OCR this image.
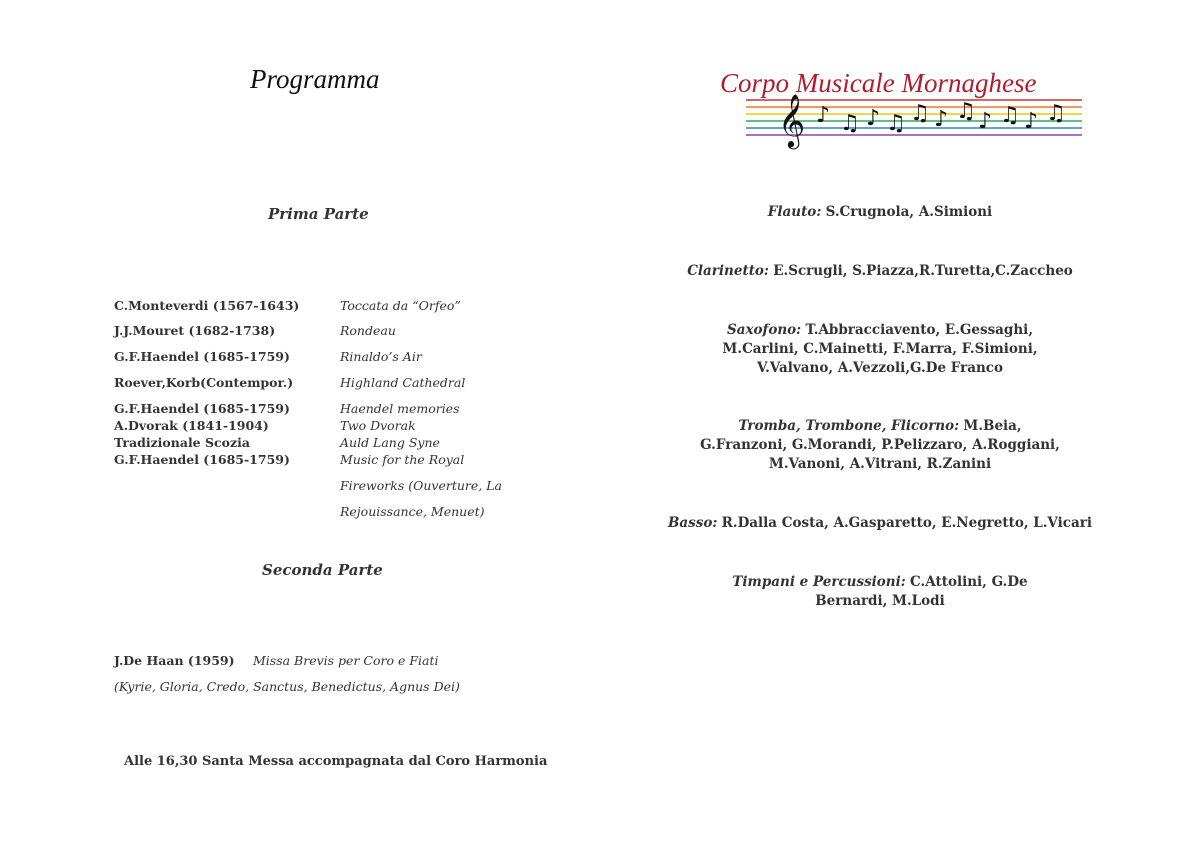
Programma
Prima Parte
C.Monteverdi (1567-1643)
J.J.Mouret (1682-1738)
G.F.Haendel (1685-1759)
Roever,Korb(Contempor.)
G.F.Haendel (1685-1759)
A.Dvorak (1841-1904)
Tradizionale Scozia
G.F.Haendel (1685-1759)
Toccata da “Orfeo”
Rondeau
Rinaldo’s Air
Highland Cathedral
Haendel memories
Two Dvorak
Auld Lang Syne
Music for the Royal
Fireworks (Ouverture, La
Rejouissance, Menuet)
Seconda Parte
J.De Haan (1959) Missa Brevis per Coro e Fiati
(Kyrie, Gloria, Credo, Sanctus, Benedictus, Agnus Dei)
Alle 16,30 Santa Messa accompagnata dal Coro Harmonia
𝄞 ♪ ♫ ♪ ♫ ♫ ♪ ♫ ♪ ♫ ♪ ♫
Corpo Musicale Mornaghese
Flauto: S.Crugnola, A.Simioni
Clarinetto: E.Scrugli, S.Piazza,R.Turetta,C.Zaccheo
Saxofono: T.Abbracciavento, E.Gessaghi, M.Carlini, C.Mainetti, F.Marra, F.Simioni, V.Valvano, A.Vezzoli,G.De Franco
Tromba, Trombone, Flicorno: M.Beia, G.Franzoni, G.Morandi, P.Pelizzaro, A.Roggiani, M.Vanoni, A.Vitrani, R.Zanini
Basso: R.Dalla Costa, A.Gasparetto, E.Negretto, L.Vicari
Timpani e Percussioni: C.Attolini, G.De Bernardi, M.Lodi
